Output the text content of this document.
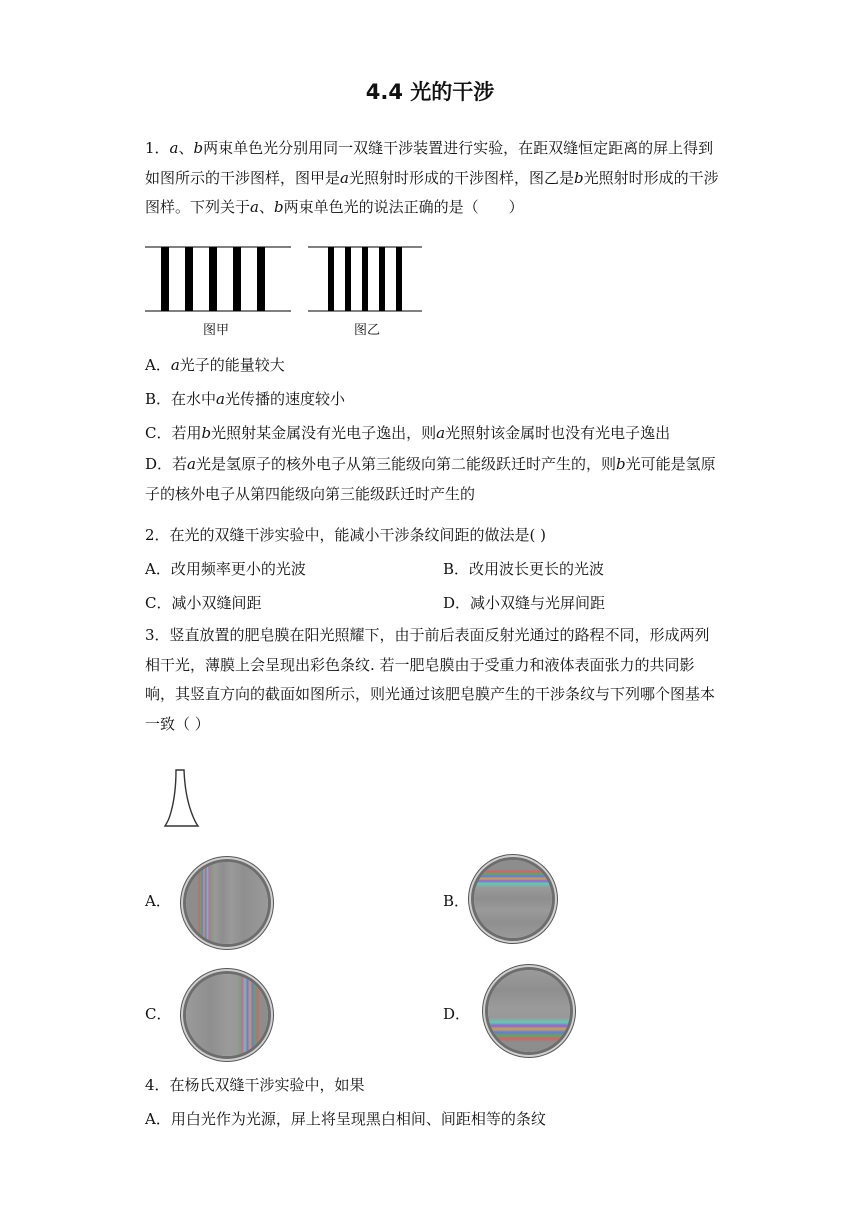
4.4 光的干涉
1．a、b两束单色光分别用同一双缝干涉装置进行实验，在距双缝恒定距离的屏上得到如图所示的干涉图样，图甲是a光照射时形成的干涉图样，图乙是b光照射时形成的干涉图样。下列关于a、b两束单色光的说法正确的是（　　）
图甲	图乙
A．a光子的能量较大
B．在水中a光传播的速度较小
C．若用b光照射某金属没有光电子逸出，则a光照射该金属时也没有光电子逸出
D．若a光是氢原子的核外电子从第三能级向第二能级跃迁时产生的，则b光可能是氢原子的核外电子从第四能级向第三能级跃迁时产生的
2．在光的双缝干涉实验中，能减小干涉条纹间距的做法是( )
A．改用频率更小的光波	B．改用波长更长的光波
C．减小双缝间距	D．减小双缝与光屏间距
3．竖直放置的肥皂膜在阳光照耀下，由于前后表面反射光通过的路程不同，形成两列相干光，薄膜上会呈现出彩色条纹. 若一肥皂膜由于受重力和液体表面张力的共同影响，其竖直方向的截面如图所示，则光通过该肥皂膜产生的干涉条纹与下列哪个图基本一致（ ）
A．	B．
C．	D．
4．在杨氏双缝干涉实验中，如果
A．用白光作为光源，屏上将呈现黑白相间、间距相等的条纹
